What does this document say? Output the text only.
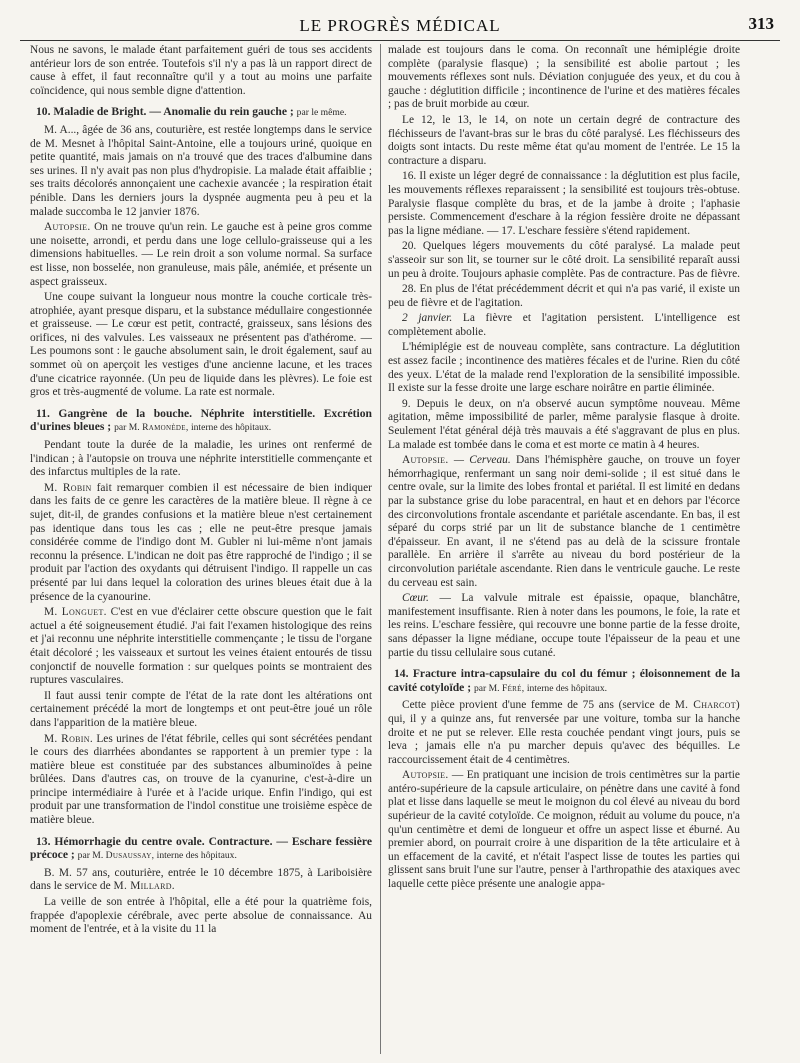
LE PROGRÈS MÉDICAL	313

Nous ne savons, le malade étant parfaitement guéri de tous ses accidents antérieur lors de son entrée. Toutefois s'il n'y a pas là un rapport direct de cause à effet, il faut reconnaître qu'il y a tout au moins une parfaite coïncidence, qui nous semble digne d'attention.

10. Maladie de Bright. — Anomalie du rein gauche ; par le même.

M. A..., âgée de 36 ans, couturière, est restée longtemps dans le service de M. Mesnet à l'hôpital Saint-Antoine, elle a toujours uriné, quoique en petite quantité, mais jamais on n'a trouvé que des traces d'albumine dans ses urines. Il n'y avait pas non plus d'hydropisie. La malade était affaiblie ; ses traits décolorés annonçaient une cachexie avancée ; la respiration était pénible. Dans les derniers jours la dyspnée augmenta peu à peu et la malade succomba le 12 janvier 1876.

Autopsie. On ne trouve qu'un rein. Le gauche est à peine gros comme une noisette, arrondi, et perdu dans une loge cellulo-graisseuse qui a les dimensions habituelles. — Le rein droit a son volume normal. Sa surface est lisse, non bosselée, non granuleuse, mais pâle, anémiée, et présente un aspect graisseux.

Une coupe suivant la longueur nous montre la couche corticale très-atrophiée, ayant presque disparu, et la substance médullaire congestionnée et graisseuse. — Le cœur est petit, contracté, graisseux, sans lésions des orifices, ni des valvules. Les vaisseaux ne présentent pas d'athérome. — Les poumons sont : le gauche absolument sain, le droit également, sauf au sommet où on aperçoit les vestiges d'une ancienne lacune, et les traces d'une cicatrice rayonnée. (Un peu de liquide dans les plèvres). Le foie est gros et très-augmenté de volume. La rate est normale.

11. Gangrène de la bouche. Néphrite interstitielle. Excrétion d'urines bleues ; par M. Ramonède, interne des hôpitaux.

Pendant toute la durée de la maladie, les urines ont renfermé de l'indican ; à l'autopsie on trouva une néphrite interstitielle commençante et des infarctus multiples de la rate.

M. Robin fait remarquer combien il est nécessaire de bien indiquer dans les faits de ce genre les caractères de la matière bleue. Il règne à ce sujet, dit-il, de grandes confusions et la matière bleue n'est certainement pas identique dans tous les cas ; elle ne peut-être presque jamais considérée comme de l'indigo dont M. Gubler ni lui-même n'ont jamais reconnu la présence. L'indican ne doit pas être rapproché de l'indigo ; il se produit par l'action des oxydants qui détruisent l'indigo. Il rappelle un cas présenté par lui dans lequel la coloration des urines bleues était due à la présence de la cyanourine.

M. Longuet. C'est en vue d'éclairer cette obscure question que le fait actuel a été soigneusement étudié. J'ai fait l'examen histologique des reins et j'ai reconnu une néphrite interstitielle commençante ; le tissu de l'organe était décoloré ; les vaisseaux et surtout les veines étaient entourés de tissu conjonctif de nouvelle formation : sur quelques points se montraient des ruptures vasculaires.

Il faut aussi tenir compte de l'état de la rate dont les altérations ont certainement précédé la mort de longtemps et ont peut-être joué un rôle dans l'apparition de la matière bleue.

M. Robin. Les urines de l'état fébrile, celles qui sont sécrétées pendant le cours des diarrhées abondantes se rapportent à un premier type : la matière bleue est constituée par des substances albuminoïdes à peine brûlées. Dans d'autres cas, on trouve de la cyanurine, c'est-à-dire un principe intermédiaire à l'urée et à l'acide urique. Enfin l'indigo, qui est produit par une transformation de l'indol constitue une troisième espèce de matière bleue.

13. Hémorrhagie du centre ovale. Contracture. — Eschare fessière précoce ; par M. Dusaussay, interne des hôpitaux.

B. M. 57 ans, couturière, entrée le 10 décembre 1875, à Lariboisière dans le service de M. Millard.

La veille de son entrée à l'hôpital, elle a été pour la quatrième fois, frappée d'apoplexie cérébrale, avec perte absolue de connaissance. Au moment de l'entrée, et à la visite du 11 la

malade est toujours dans le coma. On reconnaît une hémiplégie droite complète (paralysie flasque) ; la sensibilité est abolie partout ; les mouvements réflexes sont nuls. Déviation conjuguée des yeux, et du cou à gauche : déglutition difficile ; incontinence de l'urine et des matières fécales ; pas de bruit morbide au cœur.

Le 12, le 13, le 14, on note un certain degré de contracture des fléchisseurs de l'avant-bras sur le bras du côté paralysé. Les fléchisseurs des doigts sont intacts. Du reste même état qu'au moment de l'entrée. Le 15 la contracture a disparu.

16. Il existe un léger degré de connaissance : la déglutition est plus facile, les mouvements réflexes reparaissent ; la sensibilité est toujours très-obtuse. Paralysie flasque complète du bras, et de la jambe à droite ; l'aphasie persiste. Commencement d'eschare à la région fessière droite ne dépassant pas la ligne médiane. — 17. L'eschare fessière s'étend rapidement.

20. Quelques légers mouvements du côté paralysé. La malade peut s'asseoir sur son lit, se tourner sur le côté droit. La sensibilité reparaît aussi un peu à droite. Toujours aphasie complète. Pas de contracture. Pas de fièvre.

28. En plus de l'état précédemment décrit et qui n'a pas varié, il existe un peu de fièvre et de l'agitation.

2 janvier. La fièvre et l'agitation persistent. L'intelligence est complètement abolie.

L'hémiplégie est de nouveau complète, sans contracture. La déglutition est assez facile ; incontinence des matières fécales et de l'urine. Rien du côté des yeux. L'état de la malade rend l'exploration de la sensibilité impossible. Il existe sur la fesse droite une large eschare noirâtre en partie éliminée.

9. Depuis le deux, on n'a observé aucun symptôme nouveau. Même agitation, même impossibilité de parler, même paralysie flasque à droite. Seulement l'état général déjà très mauvais a été s'aggravant de plus en plus. La malade est tombée dans le coma et est morte ce matin à 4 heures.

Autopsie. — Cerveau. Dans l'hémisphère gauche, on trouve un foyer hémorrhagique, renfermant un sang noir demi-solide ; il est situé dans le centre ovale, sur la limite des lobes frontal et pariétal. Il est limité en dedans par la substance grise du lobe paracentral, en haut et en dehors par l'écorce des circonvolutions frontale ascendante et pariétale ascendante. En bas, il est séparé du corps strié par un lit de substance blanche de 1 centimètre d'épaisseur. En avant, il ne s'étend pas au delà de la scissure frontale parallèle. En arrière il s'arrête au niveau du bord postérieur de la circonvolution pariétale ascendante. Rien dans le ventricule gauche. Le reste du cerveau est sain.

Cœur. — La valvule mitrale est épaissie, opaque, blanchâtre, manifestement insuffisante. Rien à noter dans les poumons, le foie, la rate et les reins. L'eschare fessière, qui recouvre une bonne partie de la fesse droite, sans dépasser la ligne médiane, occupe toute l'épaisseur de la peau et une partie du tissu cellulaire sous cutané.

14. Fracture intra-capsulaire du col du fémur ; éloisonnement de la cavité cotyloïde ; par M. Féré, interne des hôpitaux.

Cette pièce provient d'une femme de 75 ans (service de M. Charcot) qui, il y a quinze ans, fut renversée par une voiture, tomba sur la hanche droite et ne put se relever. Elle resta couchée pendant vingt jours, puis se leva ; jamais elle n'a pu marcher depuis qu'avec des béquilles. Le raccourcissement était de 4 centimètres.

Autopsie. — En pratiquant une incision de trois centimètres sur la partie antéro-supérieure de la capsule articulaire, on pénètre dans une cavité à fond plat et lisse dans laquelle se meut le moignon du col élevé au niveau du bord supérieur de la cavité cotyloïde. Ce moignon, réduit au volume du pouce, n'a qu'un centimètre et demi de longueur et offre un aspect lisse et éburné. Au premier abord, on pourrait croire à une disparition de la tête articulaire et à un effacement de la cavité, et n'était l'aspect lisse de toutes les parties qui glissent sans bruit l'une sur l'autre, penser à l'arthropathie des ataxiques avec laquelle cette pièce présente une analogie appa-
